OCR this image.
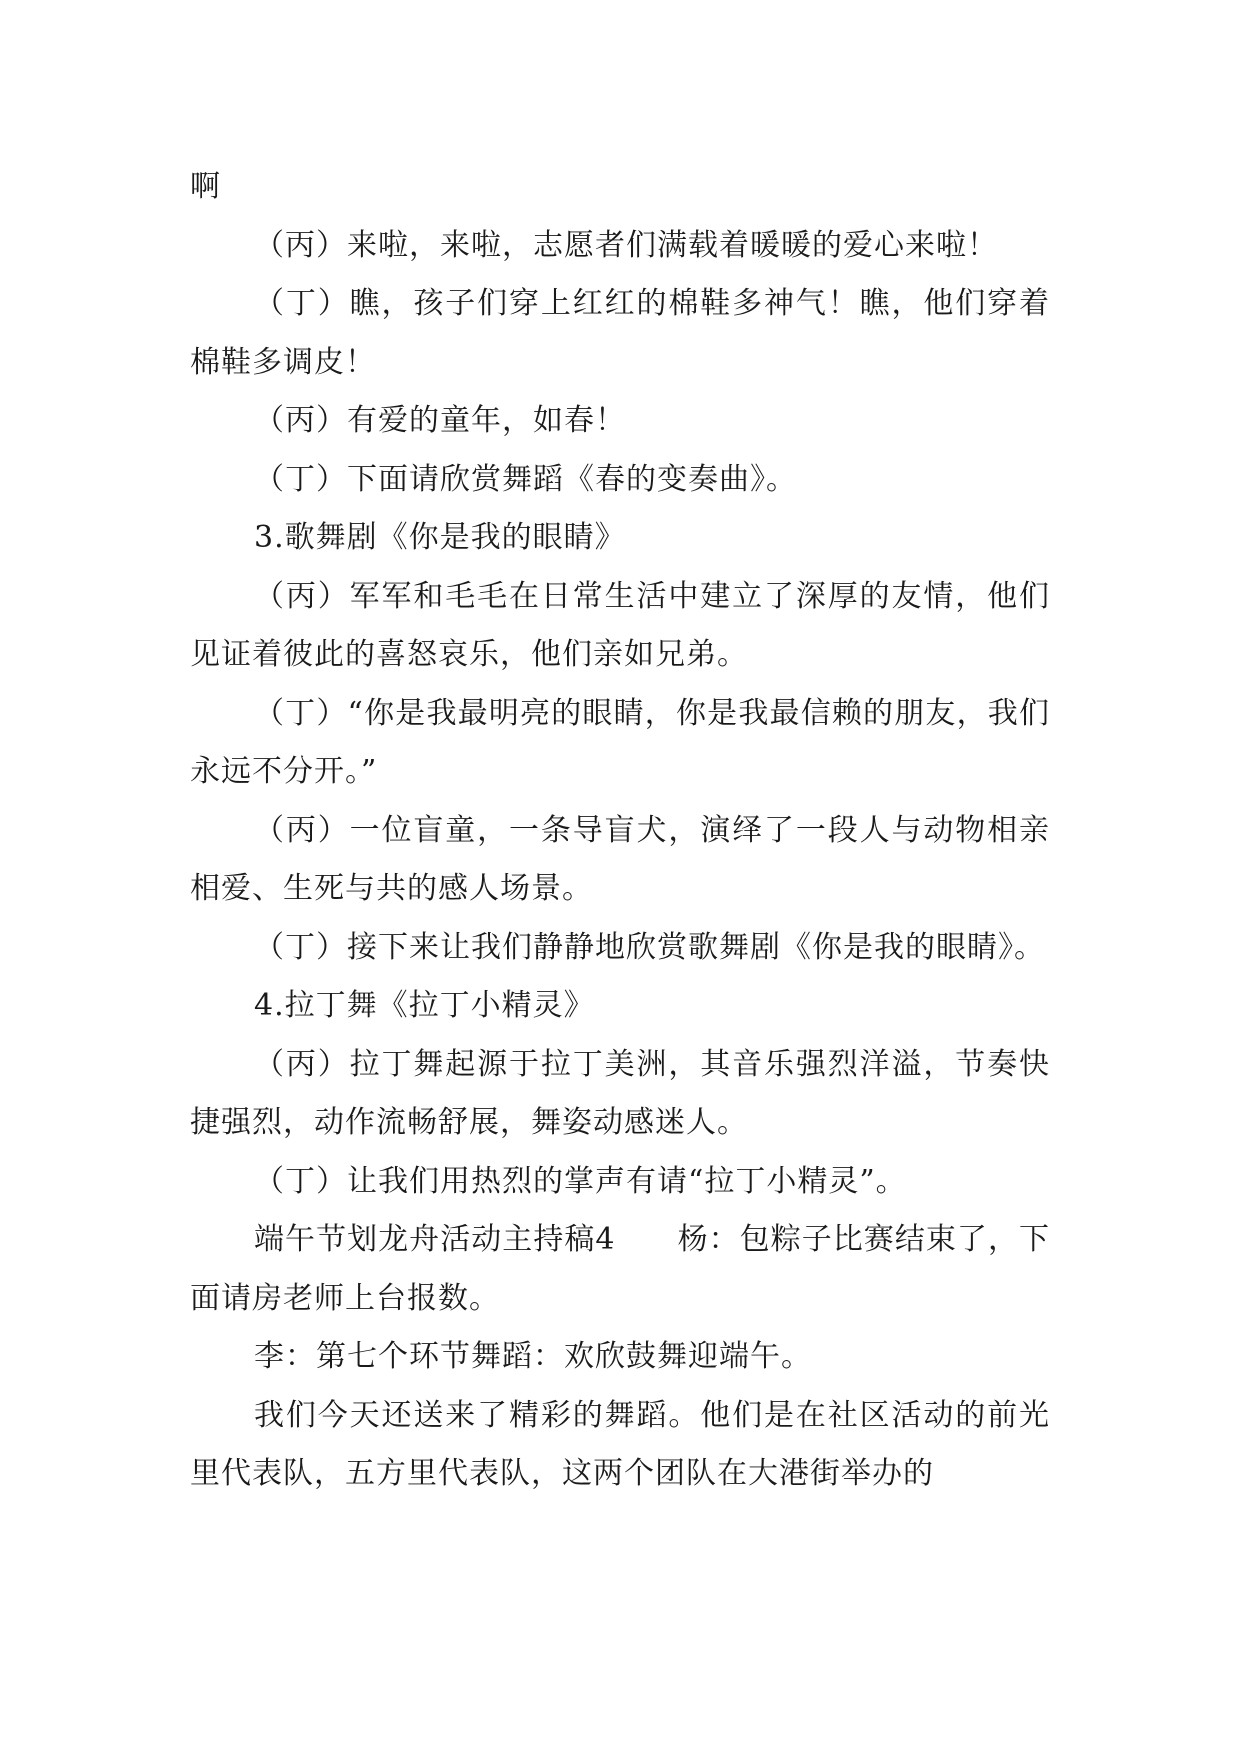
啊

（丙）来啦，来啦，志愿者们满载着暖暖的爱心来啦！

（丁）瞧，孩子们穿上红红的棉鞋多神气！瞧，他们穿着棉鞋多调皮！

（丙）有爱的童年，如春！

（丁）下面请欣赏舞蹈《春的变奏曲》。

3.歌舞剧《你是我的眼睛》

（丙）军军和毛毛在日常生活中建立了深厚的友情，他们见证着彼此的喜怒哀乐，他们亲如兄弟。

（丁）“你是我最明亮的眼睛，你是我最信赖的朋友，我们永远不分开。”

（丙）一位盲童，一条导盲犬，演绎了一段人与动物相亲相爱、生死与共的感人场景。

（丁）接下来让我们静静地欣赏歌舞剧《你是我的眼睛》。

4.拉丁舞《拉丁小精灵》

（丙）拉丁舞起源于拉丁美洲，其音乐强烈洋溢，节奏快捷强烈，动作流畅舒展，舞姿动感迷人。

（丁）让我们用热烈的掌声有请“拉丁小精灵”。

端午节划龙舟活动主持稿4　　杨：包粽子比赛结束了，下面请房老师上台报数。

李：第七个环节舞蹈：欢欣鼓舞迎端午。

我们今天还送来了精彩的舞蹈。他们是在社区活动的前光里代表队，五方里代表队，这两个团队在大港街举办的
